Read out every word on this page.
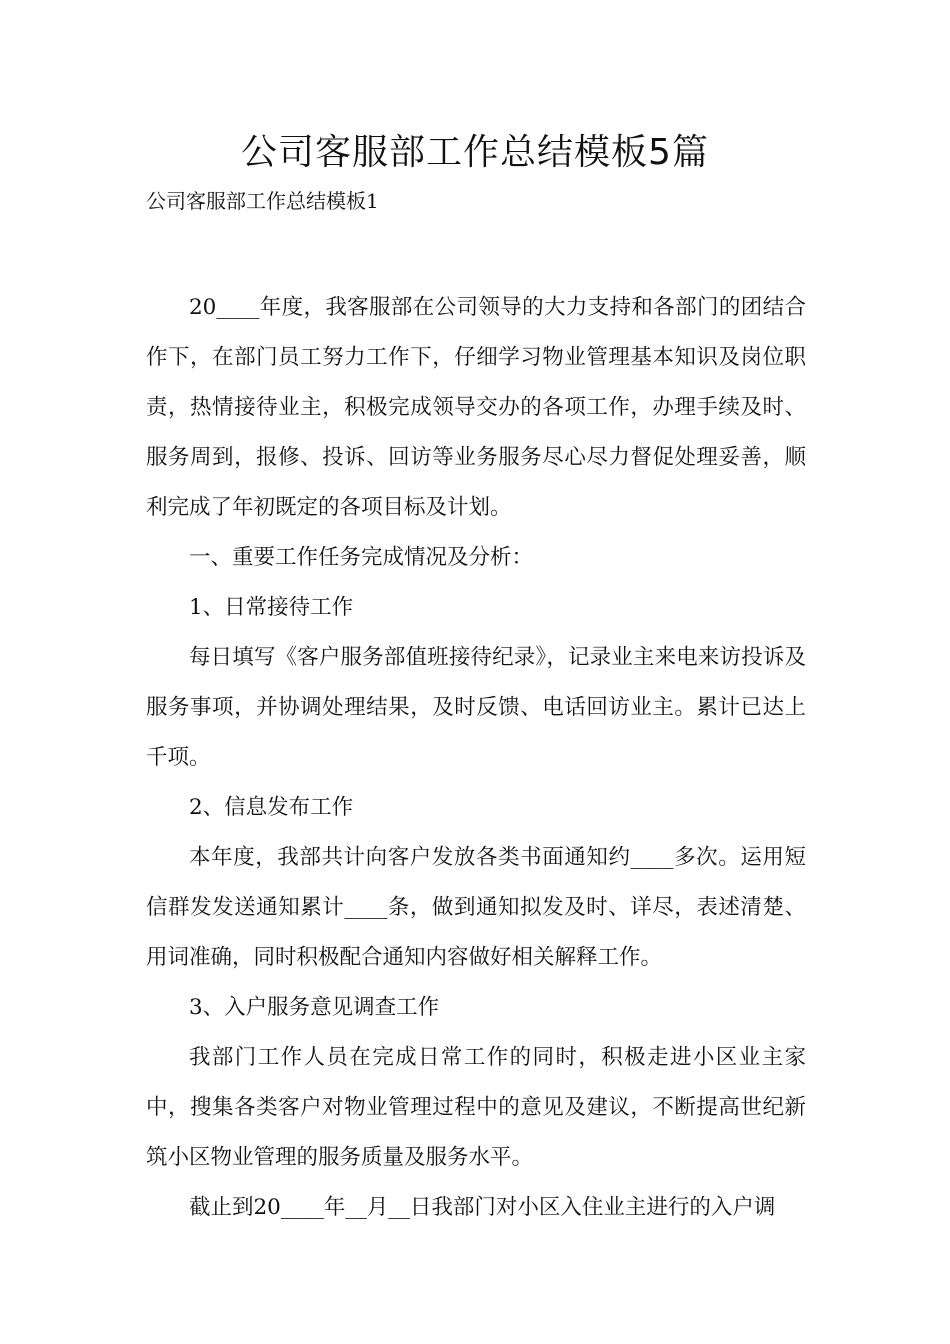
公司客服部工作总结模板5篇

公司客服部工作总结模板1

20____年度，我客服部在公司领导的大力支持和各部门的团结合作下，在部门员工努力工作下，仔细学习物业管理基本知识及岗位职责，热情接待业主，积极完成领导交办的各项工作，办理手续及时、服务周到，报修、投诉、回访等业务服务尽心尽力督促处理妥善，顺利完成了年初既定的各项目标及计划。

一、重要工作任务完成情况及分析：

1、日常接待工作

每日填写《客户服务部值班接待纪录》，记录业主来电来访投诉及服务事项，并协调处理结果，及时反馈、电话回访业主。累计已达上千项。

2、信息发布工作

本年度，我部共计向客户发放各类书面通知约____多次。运用短信群发发送通知累计____条，做到通知拟发及时、详尽，表述清楚、用词准确，同时积极配合通知内容做好相关解释工作。

3、入户服务意见调查工作

我部门工作人员在完成日常工作的同时，积极走进小区业主家中，搜集各类客户对物业管理过程中的意见及建议，不断提高世纪新筑小区物业管理的服务质量及服务水平。

截止到20____年__月__日我部门对小区入住业主进行的入户调
